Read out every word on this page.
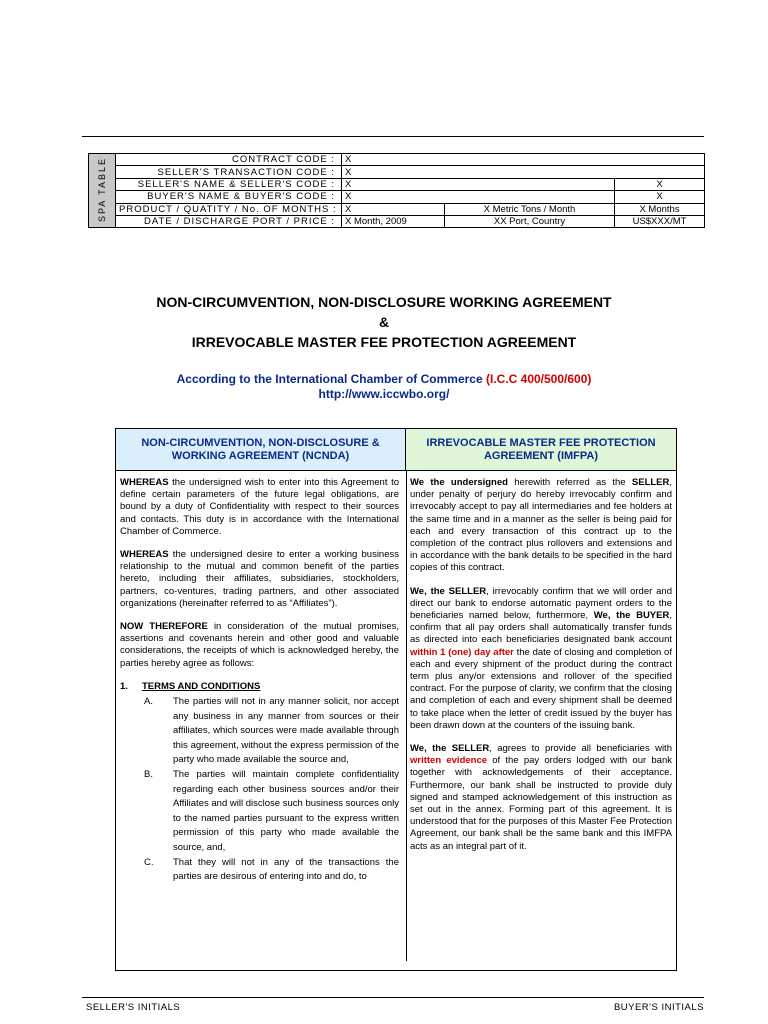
SPA TABLE	CONTRACT CODE :	X		
	SELLER'S TRANSACTION CODE :	X		
	SELLER'S NAME & SELLER'S CODE :	X		X
	BUYER'S NAME & BUYER'S CODE :	X		X
	PRODUCT / QUATITY / No. OF MONTHS :	X	X Metric Tons / Month	X Months
	DATE / DISCHARGE PORT / PRICE :	X Month, 2009	XX Port, Country	US$XXX/MT
NON-CIRCUMVENTION, NON-DISCLOSURE WORKING AGREEMENT
&
IRREVOCABLE MASTER FEE PROTECTION AGREEMENT
According to the International Chamber of Commerce (I.C.C 400/500/600)
http://www.iccwbo.org/
NON-CIRCUMVENTION, NON-DISCLOSURE & WORKING AGREEMENT (NCNDA)
IRREVOCABLE MASTER FEE PROTECTION AGREEMENT (IMFPA)

WHEREAS the undersigned wish to enter into this Agreement to define certain parameters of the future legal obligations, are bound by a duty of Confidentiality with respect to their sources and contacts. This duty is in accordance with the International Chamber of Commerce.

WHEREAS the undersigned desire to enter a working business relationship to the mutual and common benefit of the parties hereto, including their affiliates, subsidiaries, stockholders, partners, co-ventures, trading partners, and other associated organizations (hereinafter referred to as “Affiliates”).

NOW THEREFORE in consideration of the mutual promises, assertions and covenants herein and other good and valuable considerations, the receipts of which is acknowledged hereby, the parties hereby agree as follows:

1. TERMS AND CONDITIONS
A.	The parties will not in any manner solicit, nor accept any business in any manner from sources or their affiliates, which sources were made available through this agreement, without the express permission of the party who made available the source and,
B.	The parties will maintain complete confidentiality regarding each other business sources and/or their Affiliates and will disclose such business sources only to the named parties pursuant to the express written permission of this party who made available the source, and,
C.	That they will not in any of the transactions the parties are desirous of entering into and do, to

We the undersigned herewith referred as the SELLER, under penalty of perjury do hereby irrevocably confirm and irrevocably accept to pay all intermediaries and fee holders at the same time and in a manner as the seller is being paid for each and every transaction of this contract up to the completion of the contract plus rollovers and extensions and in accordance with the bank details to be specified in the hard copies of this contract.

We, the SELLER, irrevocably confirm that we will order and direct our bank to endorse automatic payment orders to the beneficiaries named below, furthermore, We, the BUYER, confirm that all pay orders shall automatically transfer funds as directed into each beneficiaries designated bank account within 1 (one) day after the date of closing and completion of each and every shipment of the product during the contract term plus any/or extensions and rollover of the specified contract. For the purpose of clarity, we confirm that the closing and completion of each and every shipment shall be deemed to take place when the letter of credit issued by the buyer has been drawn down at the counters of the issuing bank.

We, the SELLER, agrees to provide all beneficiaries with written evidence of the pay orders lodged with our bank together with acknowledgements of their acceptance. Furthermore, our bank shall be instructed to provide duly signed and stamped acknowledgement of this instruction as set out in the annex. Forming part of this agreement. It is understood that for the purposes of this Master Fee Protection Agreement, our bank shall be the same bank and this IMFPA acts as an integral part of it.

SELLER'S INITIALS	BUYER'S INITIALS
